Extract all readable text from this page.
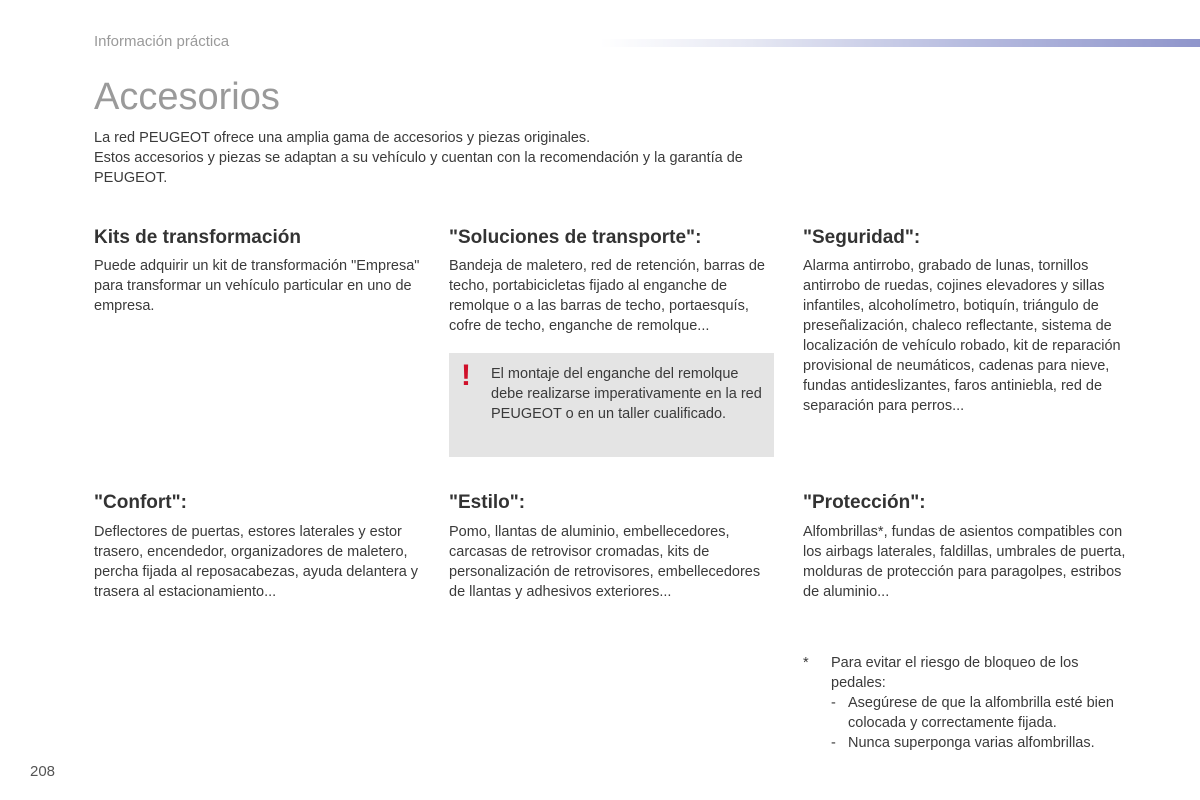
Información práctica
Accesorios

La red PEUGEOT ofrece una amplia gama de accesorios y piezas originales.

Estos accesorios y piezas se adaptan a su vehículo y cuentan con la recomendación y la garantía de PEUGEOT.

Kits de transformación

Puede adquirir un kit de transformación "Empresa" para transformar un vehículo particular en uno de empresa.

"Soluciones de transporte":

Bandeja de maletero, red de retención, barras de techo, portabicicletas fijado al enganche de remolque o a las barras de techo, portaesquís, cofre de techo, enganche de remolque...

"Seguridad":

Alarma antirrobo, grabado de lunas, tornillos antirrobo de ruedas, cojines elevadores y sillas infantiles, alcoholímetro, botiquín, triángulo de preseñalización, chaleco reflectante, sistema de localización de vehículo robado, kit de reparación provisional de neumáticos, cadenas para nieve, fundas antideslizantes, faros antiniebla, red de separación para perros...

! El montaje del enganche del remolque debe realizarse imperativamente en la red PEUGEOT o en un taller cualificado.
"Confort":

Deflectores de puertas, estores laterales y estor trasero, encendedor, organizadores de maletero, percha fijada al reposacabezas, ayuda delantera y trasera al estacionamiento...

"Estilo":

Pomo, llantas de aluminio, embellecedores, carcasas de retrovisor cromadas, kits de personalización de retrovisores, embellecedores de llantas y adhesivos exteriores...

"Protección":

Alfombrillas*, fundas de asientos compatibles con los airbags laterales, faldillas, umbrales de puerta, molduras de protección para paragolpes, estribos de aluminio...

*	Para evitar el riesgo de bloqueo de los pedales:
- Asegúrese de que la alfombrilla esté bien colocada y correctamente fijada.
- Nunca superponga varias alfombrillas.
208
